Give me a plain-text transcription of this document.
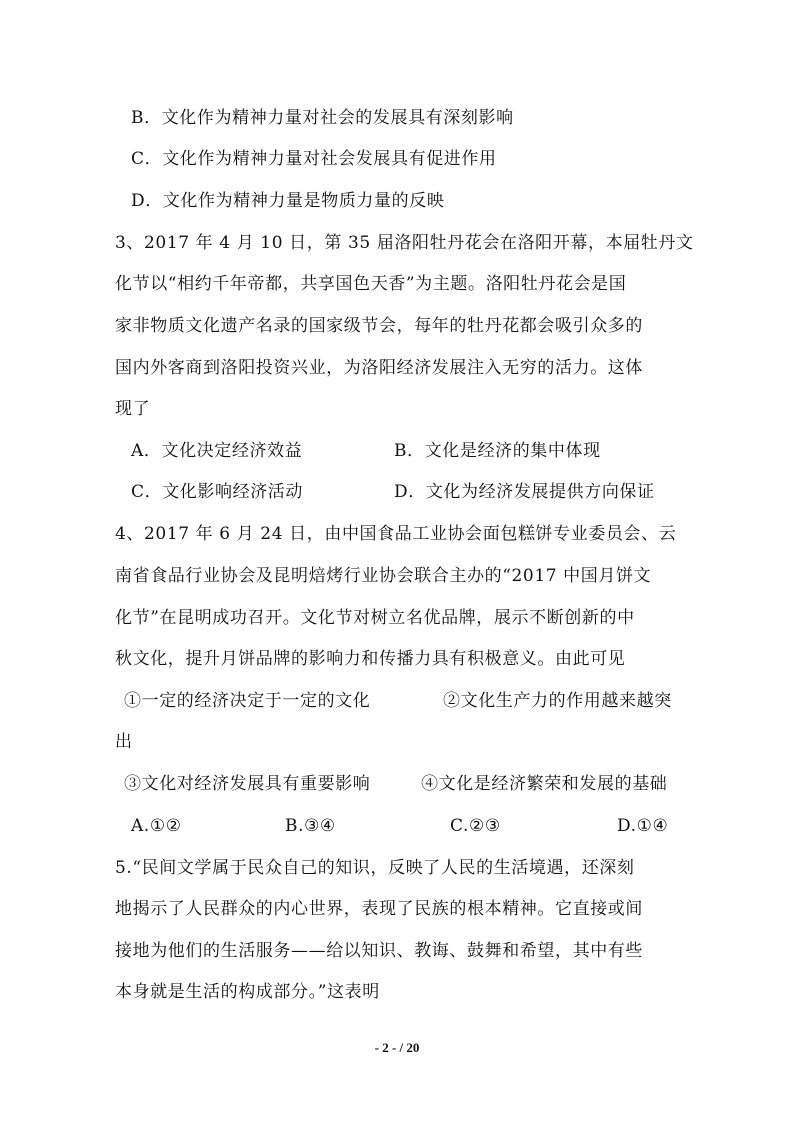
B．文化作为精神力量对社会的发展具有深刻影响
C．文化作为精神力量对社会发展具有促进作用
D．文化作为精神力量是物质力量的反映
3、2017 年 4 月 10 日，第 35 届洛阳牡丹花会在洛阳开幕，本届牡丹文
化节以“相约千年帝都，共享国色天香”为主题。洛阳牡丹花会是国
家非物质文化遗产名录的国家级节会，每年的牡丹花都会吸引众多的
国内外客商到洛阳投资兴业，为洛阳经济发展注入无穷的活力。这体
现了
A．文化决定经济效益	B．文化是经济的集中体现
C．文化影响经济活动	D．文化为经济发展提供方向保证
4、2017 年 6 月 24 日，由中国食品工业协会面包糕饼专业委员会、云
南省食品行业协会及昆明焙烤行业协会联合主办的“2017 中国月饼文
化节”在昆明成功召开。文化节对树立名优品牌，展示不断创新的中
秋文化，提升月饼品牌的影响力和传播力具有积极意义。由此可见
①一定的经济决定于一定的文化	②文化生产力的作用越来越突
出
③文化对经济发展具有重要影响	④文化是经济繁荣和发展的基础
A.①②	B.③④	C.②③	D.①④
5.“民间文学属于民众自己的知识，反映了人民的生活境遇，还深刻
地揭示了人民群众的内心世界，表现了民族的根本精神。它直接或间
接地为他们的生活服务——给以知识、教诲、鼓舞和希望，其中有些
本身就是生活的构成部分。”这表明
- 2 - / 20
